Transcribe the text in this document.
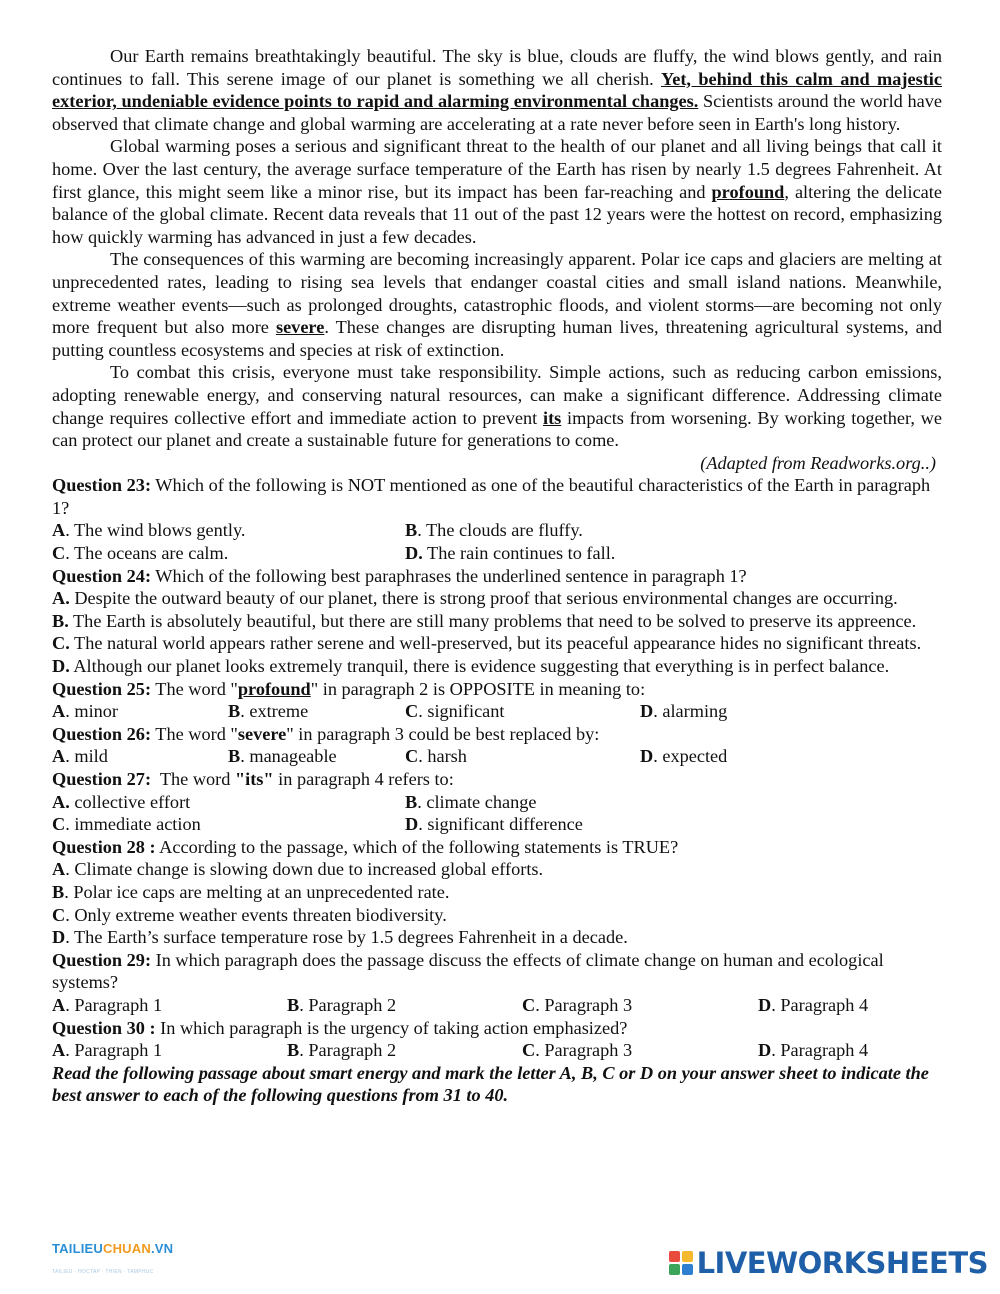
Our Earth remains breathtakingly beautiful. The sky is blue, clouds are fluffy, the wind blows gently, and rain continues to fall. This serene image of our planet is something we all cherish. Yet, behind this calm and majestic exterior, undeniable evidence points to rapid and alarming environmental changes. Scientists around the world have observed that climate change and global warming are accelerating at a rate never before seen in Earth's long history.

Global warming poses a serious and significant threat to the health of our planet and all living beings that call it home. Over the last century, the average surface temperature of the Earth has risen by nearly 1.5 degrees Fahrenheit. At first glance, this might seem like a minor rise, but its impact has been far-reaching and profound, altering the delicate balance of the global climate. Recent data reveals that 11 out of the past 12 years were the hottest on record, emphasizing how quickly warming has advanced in just a few decades.

The consequences of this warming are becoming increasingly apparent. Polar ice caps and glaciers are melting at unprecedented rates, leading to rising sea levels that endanger coastal cities and small island nations. Meanwhile, extreme weather events—such as prolonged droughts, catastrophic floods, and violent storms—are becoming not only more frequent but also more severe. These changes are disrupting human lives, threatening agricultural systems, and putting countless ecosystems and species at risk of extinction.

To combat this crisis, everyone must take responsibility. Simple actions, such as reducing carbon emissions, adopting renewable energy, and conserving natural resources, can make a significant difference. Addressing climate change requires collective effort and immediate action to prevent its impacts from worsening. By working together, we can protect our planet and create a sustainable future for generations to come.

(Adapted from Readworks.org..)

Question 23: Which of the following is NOT mentioned as one of the beautiful characteristics of the Earth in paragraph 1?

A. The wind blows gently.	B. The clouds are fluffy.
C. The oceans are calm.	D. The rain continues to fall.

Question 24: Which of the following best paraphrases the underlined sentence in paragraph 1?

A. Despite the outward beauty of our planet, there is strong proof that serious environmental changes are occurring.

B. The Earth is absolutely beautiful, but there are still many problems that need to be solved to preserve its appreence.

C. The natural world appears rather serene and well-preserved, but its peaceful appearance hides no significant threats.

D. Although our planet looks extremely tranquil, there is evidence suggesting that everything is in perfect balance.

Question 25: The word "profound" in paragraph 2 is OPPOSITE in meaning to:

A. minor	B. extreme	C. significant	D. alarming

Question 26: The word "severe" in paragraph 3 could be best replaced by:

A. mild	B. manageable	C. harsh	D. expected

Question 27:  The word "its" in paragraph 4 refers to:

A. collective effort	B. climate change
C. immediate action	D. significant difference

Question 28 : According to the passage, which of the following statements is TRUE?

A. Climate change is slowing down due to increased global efforts.

B. Polar ice caps are melting at an unprecedented rate.

C. Only extreme weather events threaten biodiversity.

D. The Earth’s surface temperature rose by 1.5 degrees Fahrenheit in a decade.

Question 29: In which paragraph does the passage discuss the effects of climate change on human and ecological systems?

A. Paragraph 1	B. Paragraph 2	C. Paragraph 3	D. Paragraph 4

Question 30 : In which paragraph is the urgency of taking action emphasized?

A. Paragraph 1	B. Paragraph 2	C. Paragraph 3	D. Paragraph 4

Read the following passage about smart energy and mark the letter A, B, C or D on your answer sheet to indicate the best answer to each of the following questions from 31 to 40.

TAILIEUCHUAN.VN
TAILIEU · HOCTAP · THIEN · TAMPHUC	LIVEWORKSHEETS
